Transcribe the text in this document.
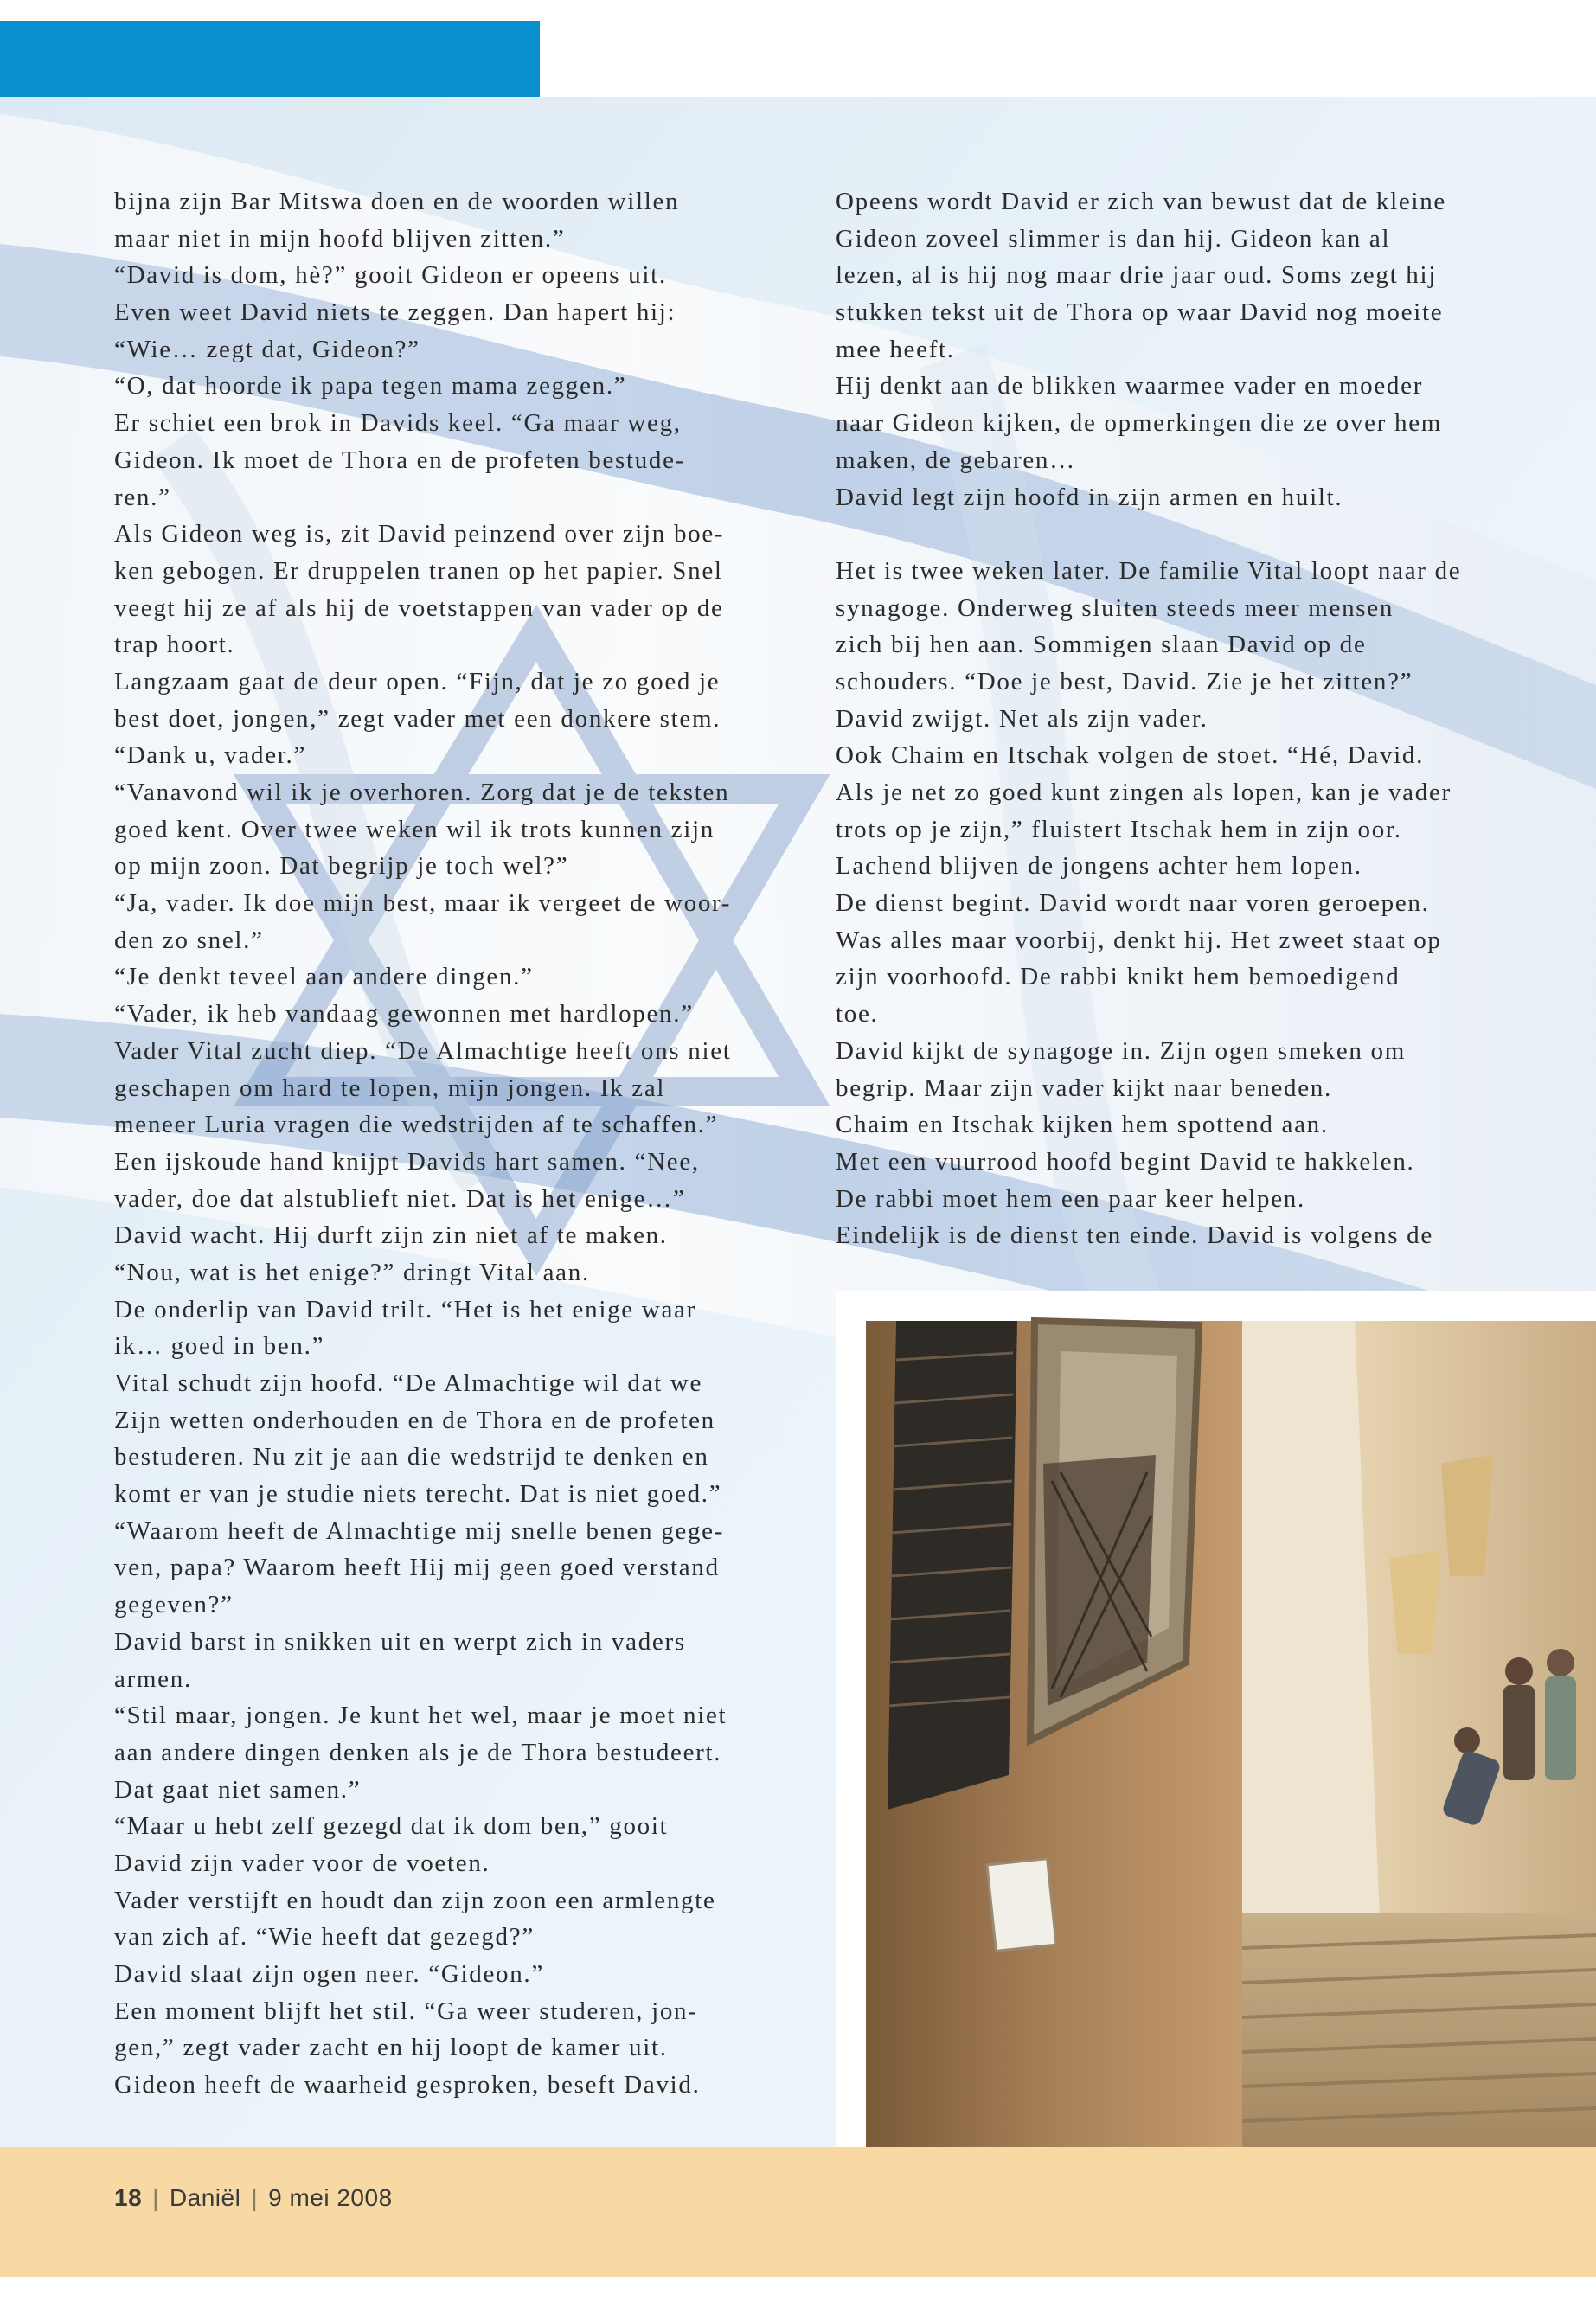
bijna zijn Bar Mitswa doen en de woorden willen
maar niet in mijn hoofd blijven zitten.”
“David is dom, hè?” gooit Gideon er opeens uit.
Even weet David niets te zeggen. Dan hapert hij:
“Wie… zegt dat, Gideon?”
“O, dat hoorde ik papa tegen mama zeggen.”
Er schiet een brok in Davids keel. “Ga maar weg,
Gideon. Ik moet de Thora en de profeten bestude-
ren.”
Als Gideon weg is, zit David peinzend over zijn boe-
ken gebogen. Er druppelen tranen op het papier. Snel
veegt hij ze af als hij de voetstappen van vader op de
trap hoort.
Langzaam gaat de deur open. “Fijn, dat je zo goed je
best doet, jongen,” zegt vader met een donkere stem.
“Dank u, vader.”
“Vanavond wil ik je overhoren. Zorg dat je de teksten
goed kent. Over twee weken wil ik trots kunnen zijn
op mijn zoon. Dat begrijp je toch wel?”
“Ja, vader. Ik doe mijn best, maar ik vergeet de woor-
den zo snel.”
“Je denkt teveel aan andere dingen.”
“Vader, ik heb vandaag gewonnen met hardlopen.”
Vader Vital zucht diep. “De Almachtige heeft ons niet
geschapen om hard te lopen, mijn jongen. Ik zal
meneer Luria vragen die wedstrijden af te schaffen.”
Een ijskoude hand knijpt Davids hart samen. “Nee,
vader, doe dat alstublieft niet. Dat is het enige…”
David wacht. Hij durft zijn zin niet af te maken.
“Nou, wat is het enige?” dringt Vital aan.
De onderlip van David trilt. “Het is het enige waar
ik… goed in ben.”
Vital schudt zijn hoofd. “De Almachtige wil dat we
Zijn wetten onderhouden en de Thora en de profeten
bestuderen. Nu zit je aan die wedstrijd te denken en
komt er van je studie niets terecht. Dat is niet goed.”
“Waarom heeft de Almachtige mij snelle benen gege-
ven, papa? Waarom heeft Hij mij geen goed verstand
gegeven?”
David barst in snikken uit en werpt zich in vaders
armen.
“Stil maar, jongen. Je kunt het wel, maar je moet niet
aan andere dingen denken als je de Thora bestudeert.
Dat gaat niet samen.”
“Maar u hebt zelf gezegd dat ik dom ben,” gooit
David zijn vader voor de voeten.
Vader verstijft en houdt dan zijn zoon een armlengte
van zich af. “Wie heeft dat gezegd?”
David slaat zijn ogen neer. “Gideon.”
Een moment blijft het stil. “Ga weer studeren, jon-
gen,” zegt vader zacht en hij loopt de kamer uit.
Gideon heeft de waarheid gesproken, beseft David.
Opeens wordt David er zich van bewust dat de kleine
Gideon zoveel slimmer is dan hij. Gideon kan al
lezen, al is hij nog maar drie jaar oud. Soms zegt hij
stukken tekst uit de Thora op waar David nog moeite
mee heeft.
Hij denkt aan de blikken waarmee vader en moeder
naar Gideon kijken, de opmerkingen die ze over hem
maken, de gebaren…
David legt zijn hoofd in zijn armen en huilt.
Het is twee weken later. De familie Vital loopt naar de
synagoge. Onderweg sluiten steeds meer mensen
zich bij hen aan. Sommigen slaan David op de
schouders. “Doe je best, David. Zie je het zitten?”
David zwijgt. Net als zijn vader.
Ook Chaim en Itschak volgen de stoet. “Hé, David.
Als je net zo goed kunt zingen als lopen, kan je vader
trots op je zijn,” fluistert Itschak hem in zijn oor.
Lachend blijven de jongens achter hem lopen.
De dienst begint. David wordt naar voren geroepen.
Was alles maar voorbij, denkt hij. Het zweet staat op
zijn voorhoofd. De rabbi knikt hem bemoedigend
toe.
David kijkt de synagoge in. Zijn ogen smeken om
begrip. Maar zijn vader kijkt naar beneden.
Chaim en Itschak kijken hem spottend aan.
Met een vuurrood hoofd begint David te hakkelen.
De rabbi moet hem een paar keer helpen.
Eindelijk is de dienst ten einde. David is volgens de
18 | Daniël | 9 mei 2008
